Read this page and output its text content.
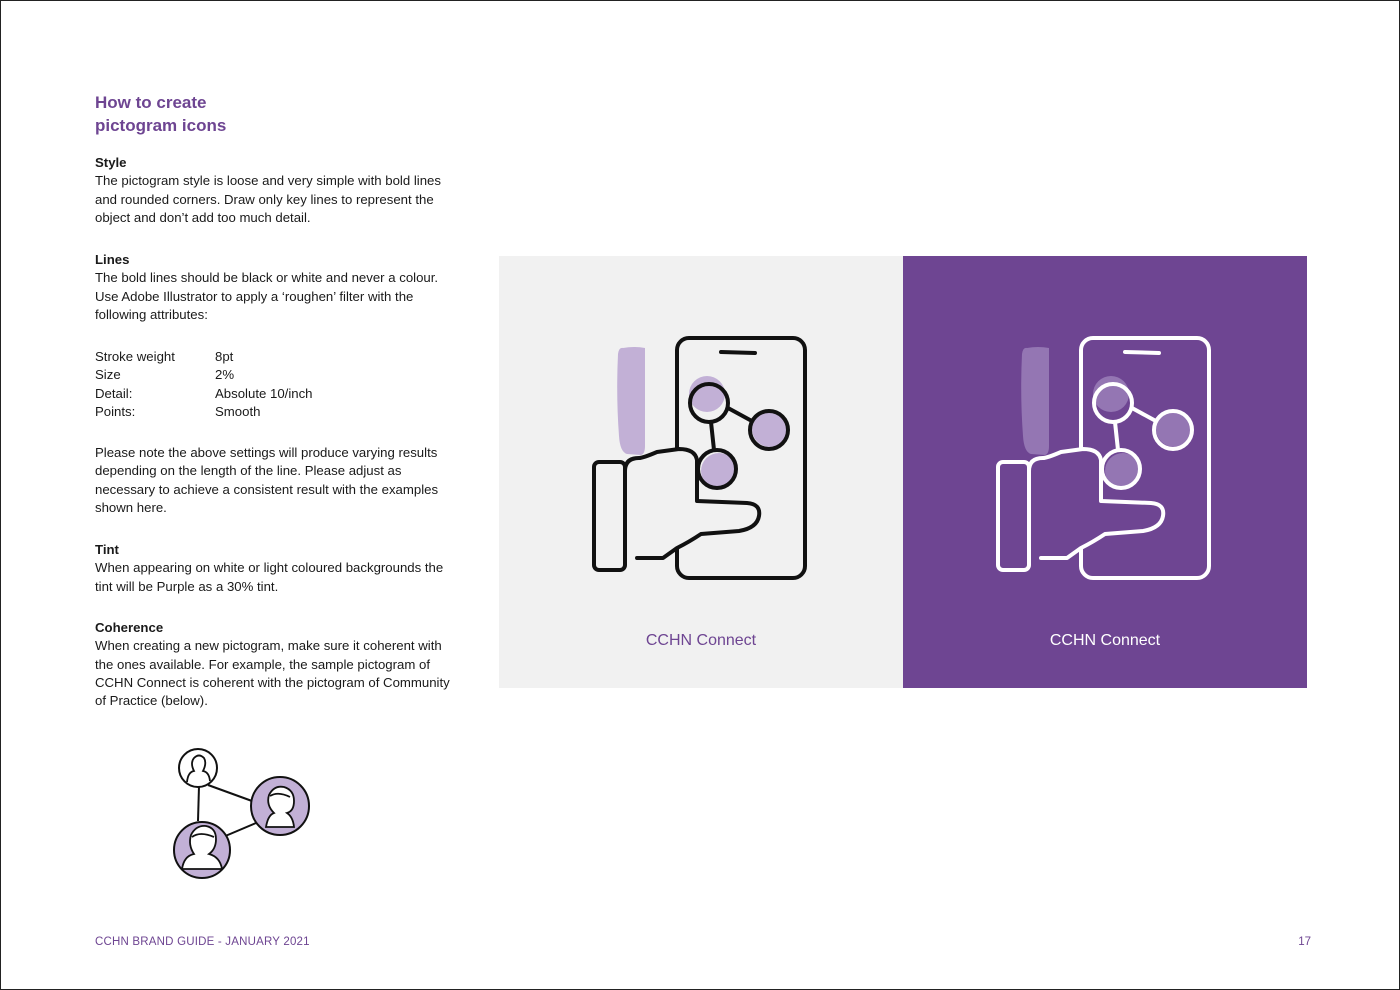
How to create
pictogram icons
Style
The pictogram style is loose and very simple with bold lines and rounded corners. Draw only key lines to represent the object and don’t add too much detail.
Lines
The bold lines should be black or white and never a colour. Use Adobe Illustrator to apply a ‘roughen’ filter with the following attributes:
Stroke weight	8pt
Size	2%
Detail:	Absolute 10/inch
Points:	Smooth
Please note the above settings will produce varying results depending on the length of the line. Please adjust as necessary to achieve a consistent result with the examples shown here.
Tint
When appearing on white or light coloured backgrounds the tint will be Purple as a 30% tint.
Coherence
When creating a new pictogram, make sure it coherent with the ones available. For example, the sample pictogram of CCHN Connect is coherent with the pictogram of Community of Practice (below).
CCHN Connect	CCHN Connect
CCHN BRAND GUIDE - JANUARY 2021	17
